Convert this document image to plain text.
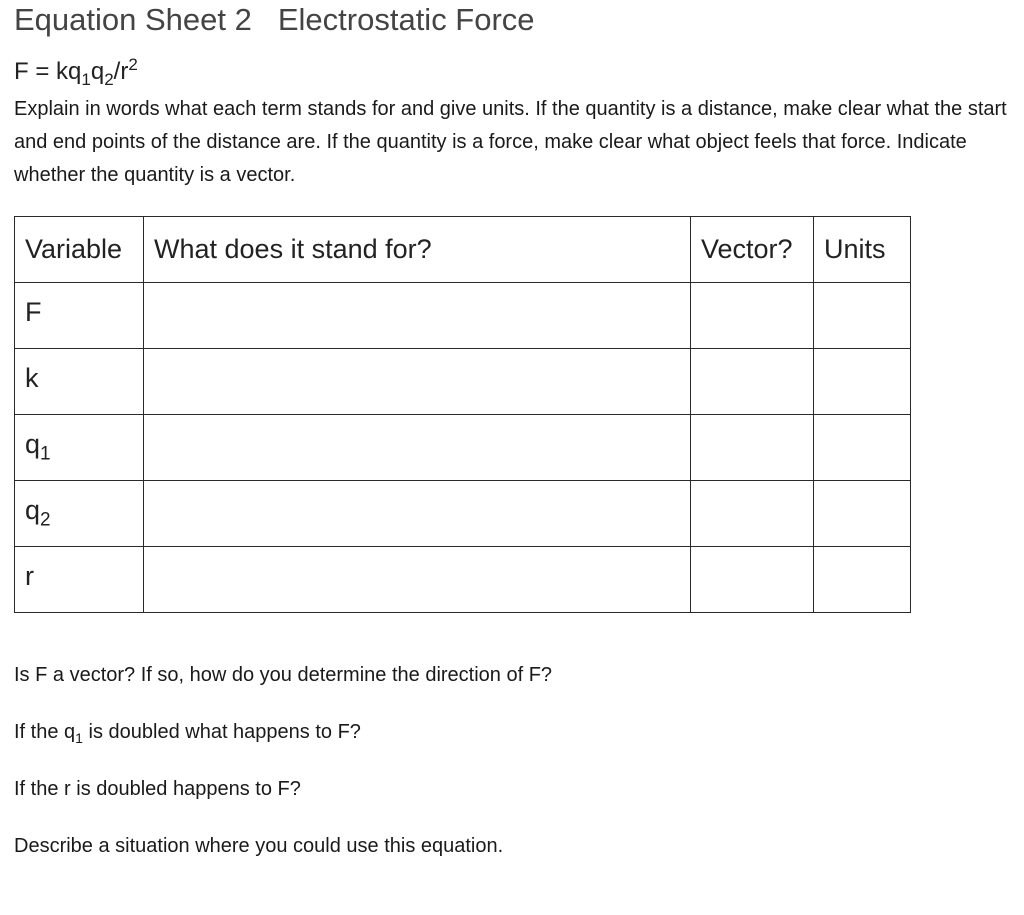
Equation Sheet 2 Electrostatic Force
$F = kq_1q_2/r^2$
Explain in words what each term stands for and give units. If the quantity is a distance, make clear what the start and end points of the distance are. If the quantity is a force, make clear what object feels that force. Indicate whether the quantity is a vector.
Variable	What does it stand for?	Vector?	Units
F			
k			
$q_1$			
$q_2$			
r			
Is F a vector? If so, how do you determine the direction of F?
If the $q_1$ is doubled what happens to F?
If the r is doubled happens to F?
Describe a situation where you could use this equation.
